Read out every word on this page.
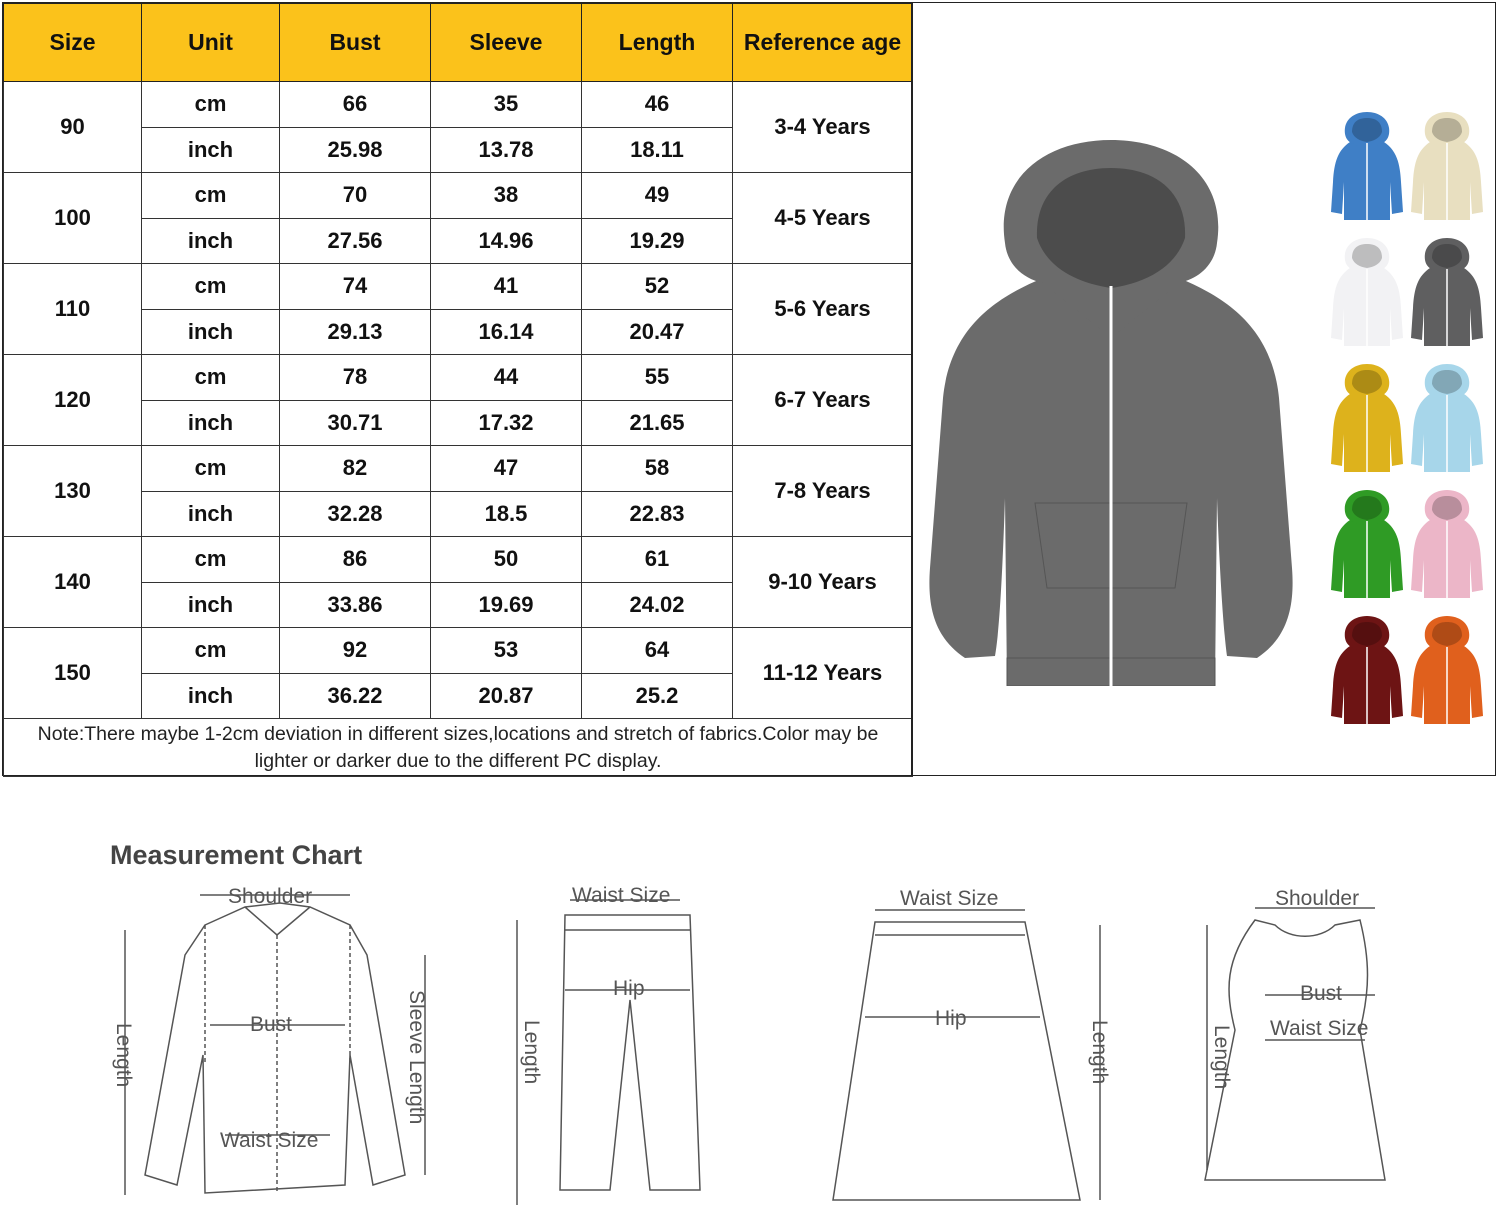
Size	Unit	Bust	Sleeve	Length	Reference age
90	cm	66	35	46	3-4 Years
	inch	25.98	13.78	18.11	
100	cm	70	38	49	4-5 Years
	inch	27.56	14.96	19.29	
110	cm	74	41	52	5-6 Years
	inch	29.13	16.14	20.47	
120	cm	78	44	55	6-7 Years
	inch	30.71	17.32	21.65	
130	cm	82	47	58	7-8 Years
	inch	32.28	18.5	22.83	
140	cm	86	50	61	9-10 Years
	inch	33.86	19.69	24.02	
150	cm	92	53	64	11-12 Years
	inch	36.22	20.87	25.2	
Note:There maybe 1-2cm deviation in different sizes,locations and stretch of fabrics.Color may be lighter or darker due to the different PC display.					
Measurement Chart
Shoulder
Bust
Waist Size
Length	Sleeve Length
Waist Size
Hip
Length
Waist Size
Hip
Length
Shoulder
Bust
Waist Size
Length
